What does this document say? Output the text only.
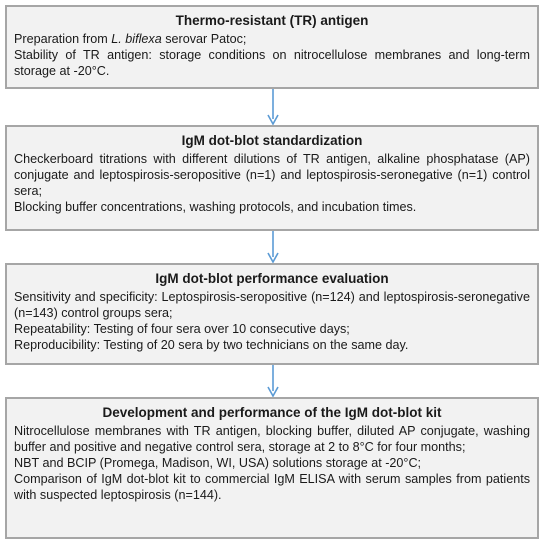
Thermo-resistant (TR) antigen

Preparation from L. biflexa serovar Patoc;

Stability of TR antigen: storage conditions on nitrocellulose membranes and long-term storage at -20°C.

IgM dot-blot standardization

Checkerboard titrations with different dilutions of TR antigen, alkaline phosphatase (AP) conjugate and leptospirosis-seropositive (n=1) and leptospirosis-seronegative (n=1) control sera;

Blocking buffer concentrations, washing protocols, and incubation times.

IgM dot-blot performance evaluation

Sensitivity and specificity: Leptospirosis-seropositive (n=124) and leptospirosis-seronegative (n=143) control groups sera;

Repeatability: Testing of four sera over 10 consecutive days;

Reproducibility: Testing of 20 sera by two technicians on the same day.

Development and performance of the IgM dot-blot kit

Nitrocellulose membranes with TR antigen, blocking buffer, diluted AP conjugate, washing buffer and positive and negative control sera, storage at 2 to 8°C for four months;

NBT and BCIP (Promega, Madison, WI, USA) solutions storage at -20°C;

Comparison of IgM dot-blot kit to commercial IgM ELISA with serum samples from patients with suspected leptospirosis (n=144).
